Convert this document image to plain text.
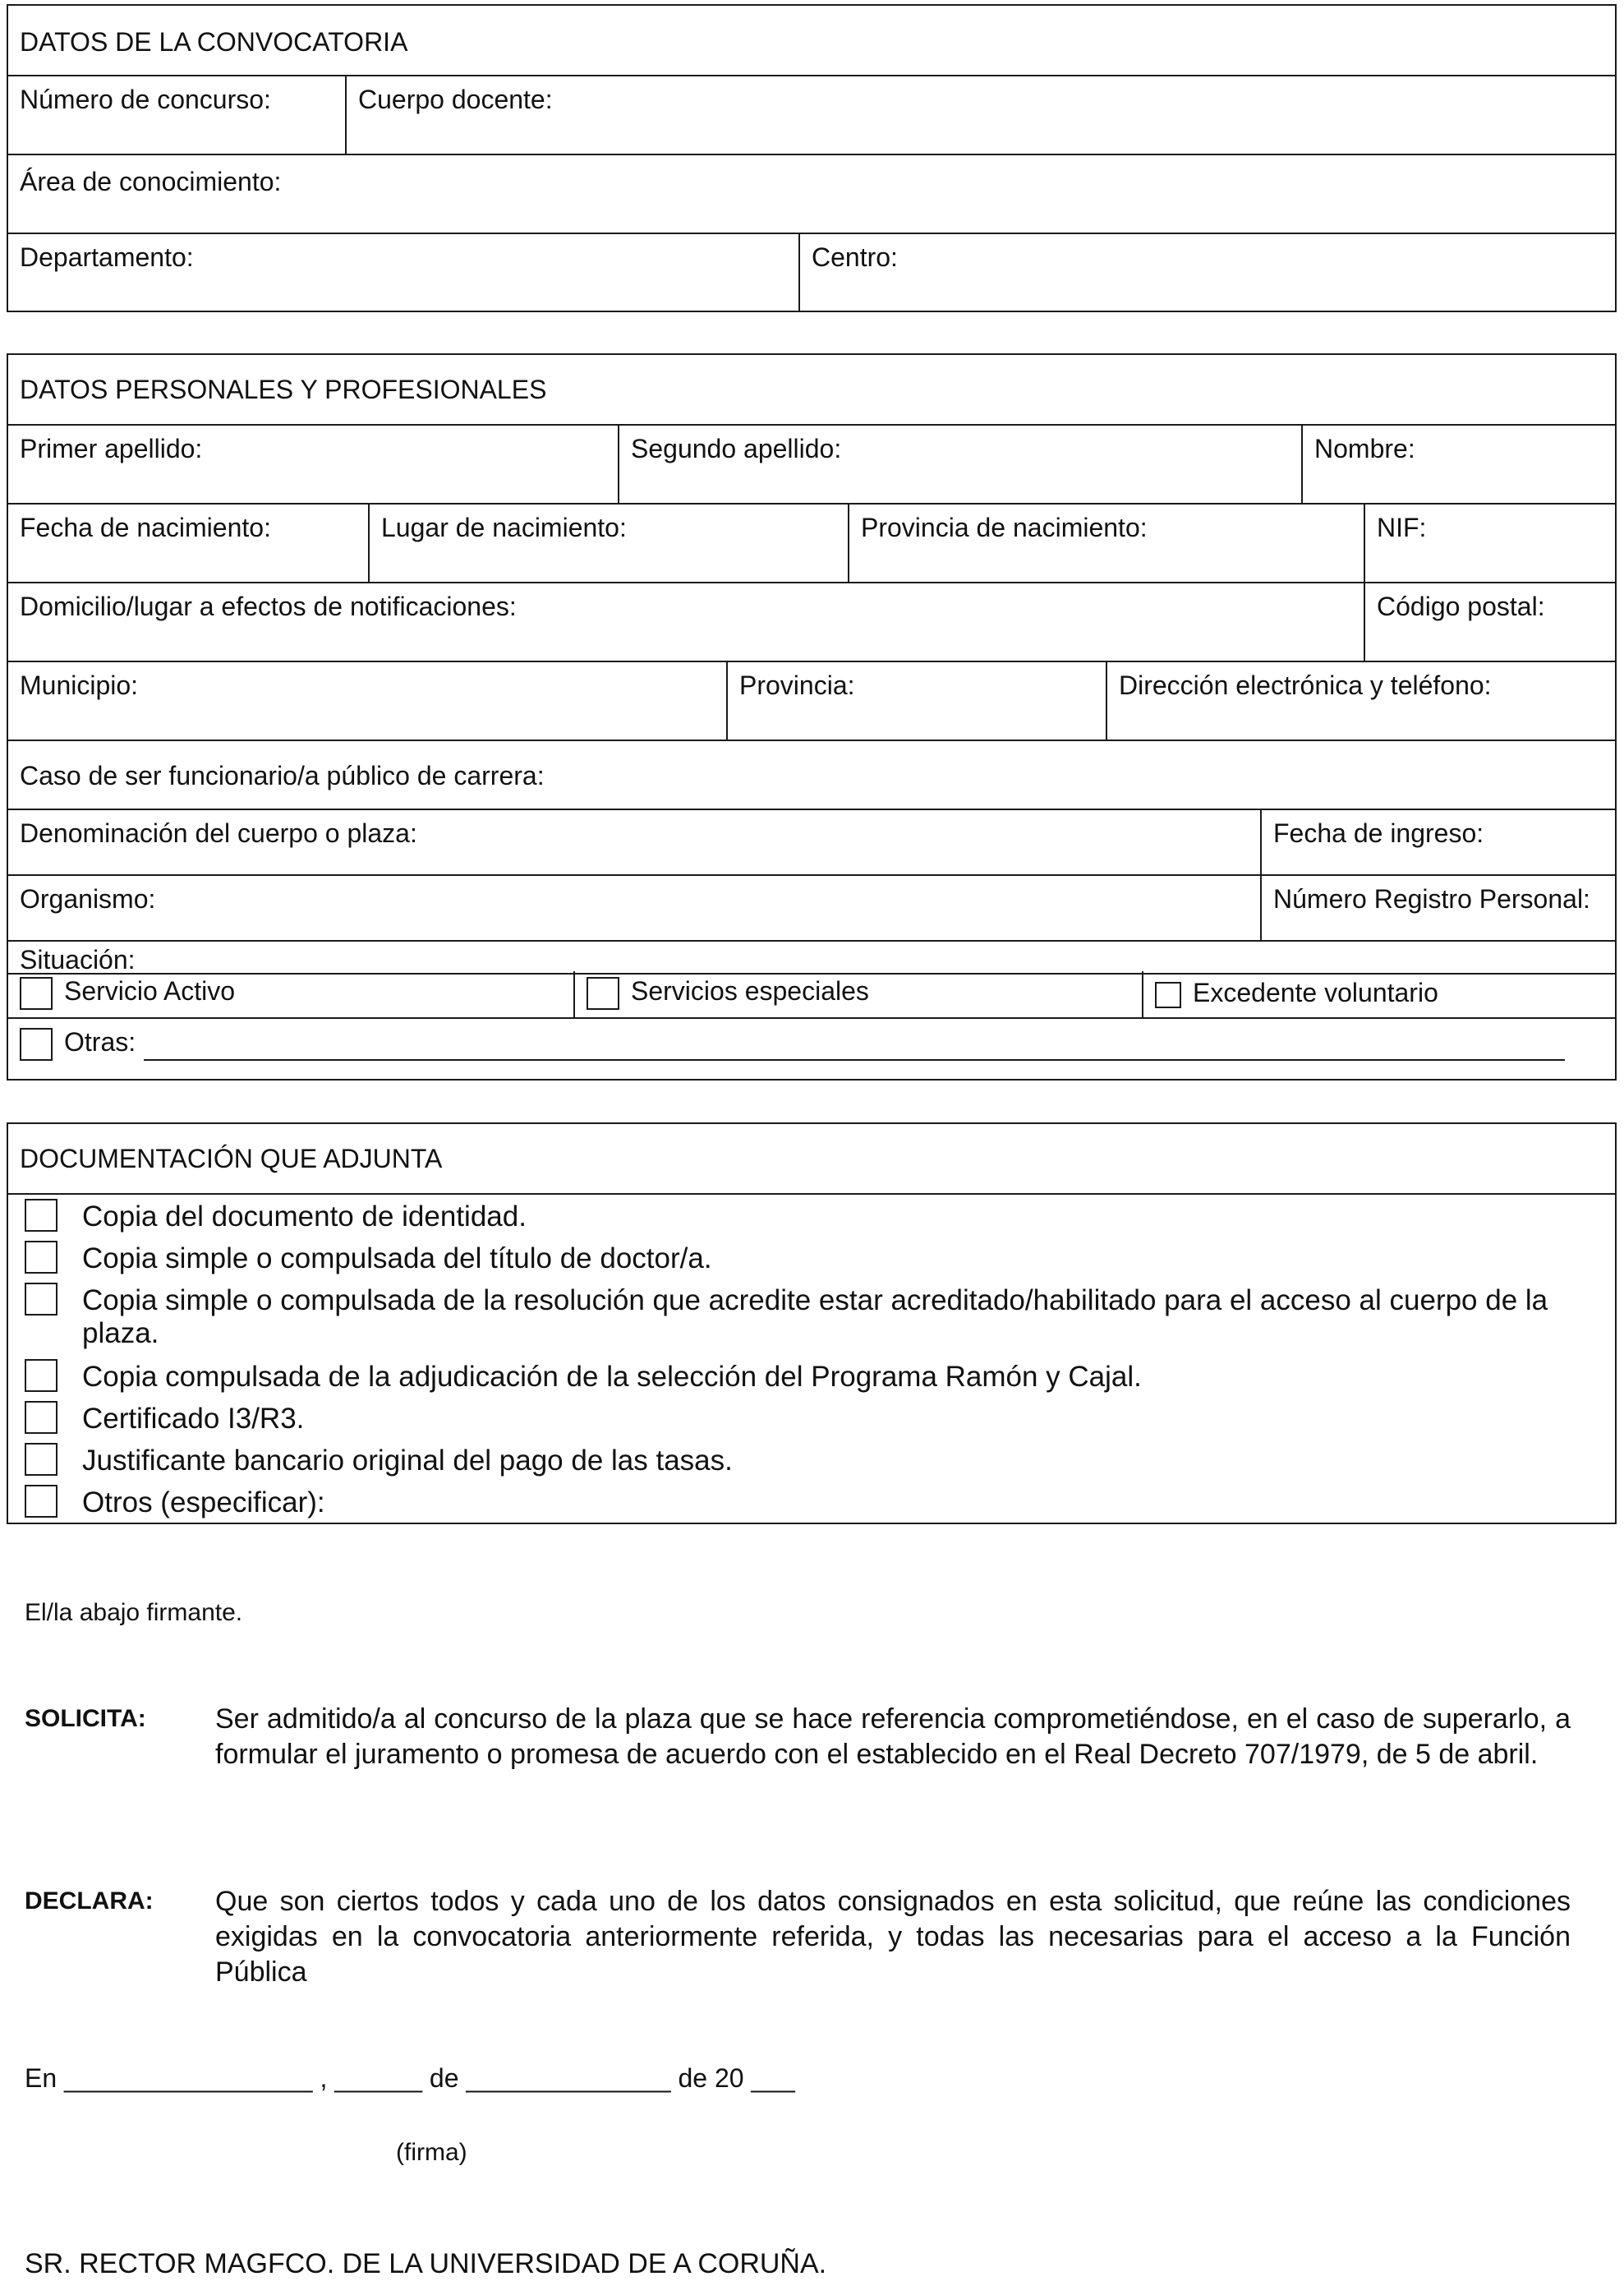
DATOS DE LA CONVOCATORIA
Número de concurso:	Cuerpo docente:
Área de conocimiento:
Departamento:	Centro:
DATOS PERSONALES Y PROFESIONALES
Primer apellido:	Segundo apellido:	Nombre:
Fecha de nacimiento:	Lugar de nacimiento:	Provincia de nacimiento:	NIF:
Domicilio/lugar a efectos de notificaciones:	Código postal:
Municipio:	Provincia:	Dirección electrónica y teléfono:
Caso de ser funcionario/a público de carrera:
Denominación del cuerpo o plaza:	Fecha de ingreso:
Organismo:	Número Registro Personal:
Situación:
Servicio Activo	Servicios especiales	Excedente voluntario
Otras:
DOCUMENTACIÓN QUE ADJUNTA
Copia del documento de identidad.
Copia simple o compulsada del título de doctor/a.
Copia simple o compulsada de la resolución que acredite estar acreditado/habilitado para el acceso al cuerpo de la plaza.
Copia compulsada de la adjudicación de la selección del Programa Ramón y Cajal.
Certificado I3/R3.
Justificante bancario original del pago de las tasas.
Otros (especificar):
El/la abajo firmante.
SOLICITA: Ser admitido/a al concurso de la plaza que se hace referencia comprometiéndose, en el caso de superarlo, a formular el juramento o promesa de acuerdo con el establecido en el Real Decreto 707/1979, de 5 de abril.
DECLARA: Que son ciertos todos y cada uno de los datos consignados en esta solicitud, que reúne las condiciones exigidas en la convocatoria anteriormente referida, y todas las necesarias para el acceso a la Función Pública
En _________________ , ______ de ______________ de 20 ___
(firma)
SR. RECTOR MAGFCO. DE LA UNIVERSIDAD DE A CORUÑA.
